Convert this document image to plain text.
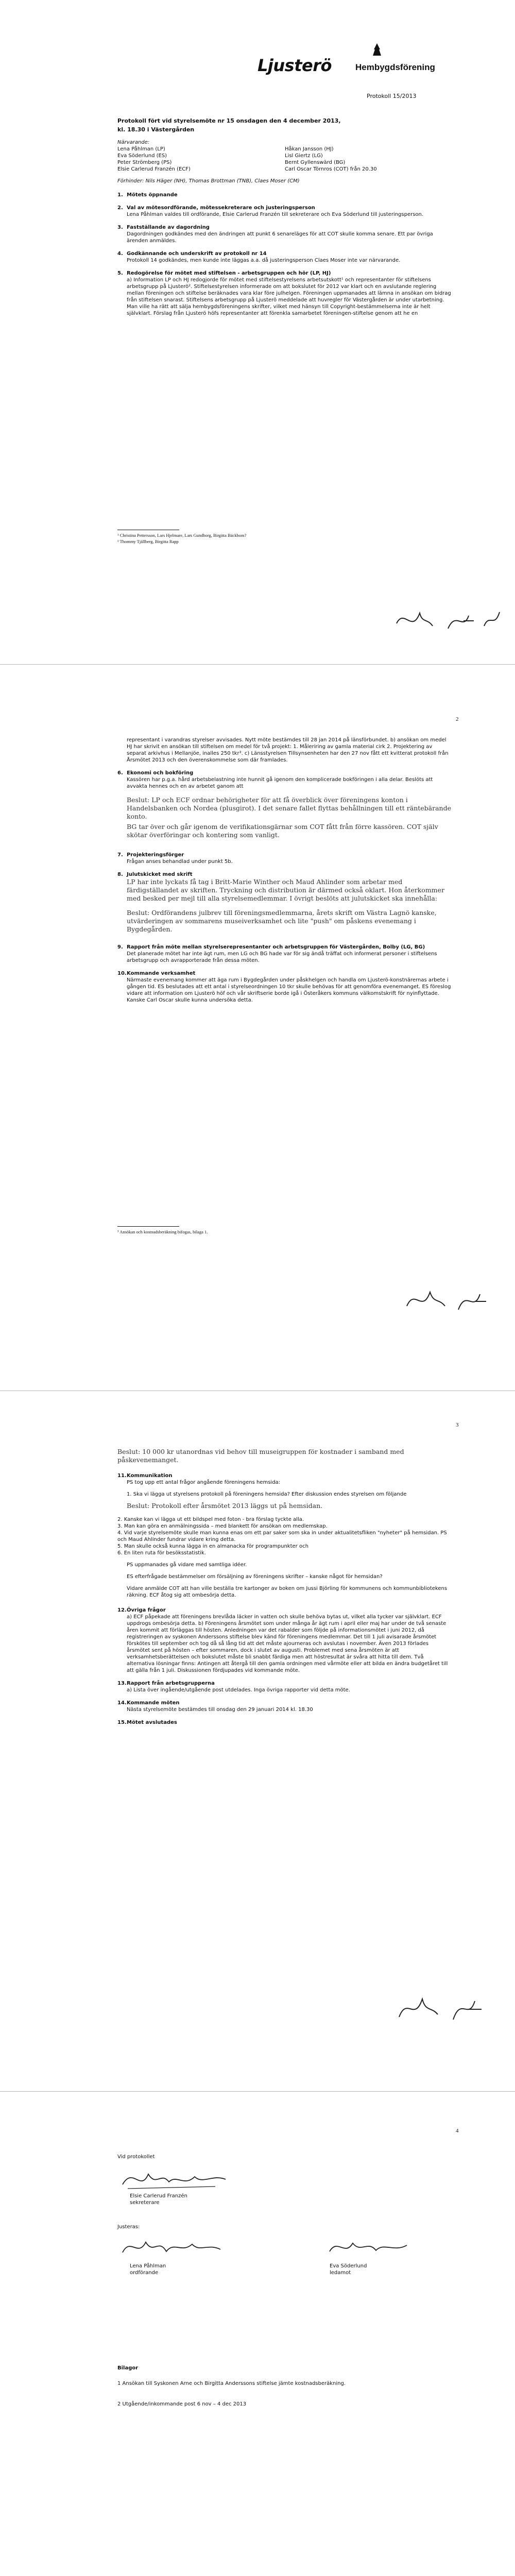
Ljusterö	Hembygdsförening
Protokoll 15/2013
Protokoll fört vid styrelsemöte nr 15 onsdagen den 4 december 2013,
kl. 18.30 i Västergården
Närvarande:
Lena Påhlman (LP)
Eva Söderlund (ES)
Peter Strömberg (PS)
Elsie Carlerud Franzén (ECF)
Håkan Jansson (HJ)
Lisl Giertz (LG)
Bernt Gyllenswärd (BG)
Carl Oscar Törnros (COT) från 20.30
Förhinder: Nils Häger (NH), Thomas Brottman (TNB), Claes Moser (CM)
1. Mötets öppnande
2. Val av mötesordförande, mötessekreterare och justeringsperson
Lena Påhlman valdes till ordförande, Elsie Carlerud Franzén till sekreterare och Eva Söderlund till justeringsperson.
3. Fastställande av dagordning
Dagordningen godkändes med den ändringen att punkt 6 senareläges för att COT skulle komma senare. Ett par övriga ärenden anmäldes.
4. Godkännande och underskrift av protokoll nr 14
Protokoll 14 godkändes, men kunde inte läggas a.a. då justeringsperson Claes Moser inte var närvarande.
5. Redogörelse för mötet med stiftelsen - arbetsgruppen och hör (LP, HJ)
a) Information LP och HJ redogjorde för mötet med stiftelsestyrelsens arbetsutskott¹ och representanter för stiftelsens arbetsgrupp på Ljusterö². Stiftelsestyrelsen informerade om att bokslutet för 2012 var klart och en avslutande reglering mellan föreningen och stiftelse beräknades vara klar före julhelgen. Föreningen uppmanades att lämna in ansökan om bidrag från stiftelsen snarast. Stiftelsens arbetsgrupp på Ljusterö meddelade att huvregler för Västergården är under utarbetning. Man ville ha rätt att sälja hembygdsföreningens skrifter, vilket med hänsyn till Copyright-bestämmelserna inte är helt självklart. Förslag från Ljusterö höfs representanter att förenkla samarbetet föreningen-stiftelse genom att he en
¹ Christina Pettersson, Lars Hjelmare, Lars Gundborg, Birgitta Bäckbom?
² Thommy Tjällberg, Birgitta Rapp
2
representant i varandras styrelser avvisades. Nytt möte bestämdes till 28 jan 2014 på länsförbundet. b) ansökan om medel HJ har skrivit en ansökan till stiftelsen om medel för två projekt: 1. Måleriring av gamla material cirk 2. Projektering av separat arkivhus i Mellanjöe, inalles 250 tkr³. c) Länsstyrelsen Tillsynsenheten har den 27 nov fått ett kvitterat protokoll från Årsmötet 2013 och den överenskommelse som där framlades.
6. Ekonomi och bokföring
Kassören har p.g.a. hård arbetsbelastning inte hunnit gå igenom den komplicerade bokföringen i alla delar. Beslöts att avvakta hennes och en av arbetet ganom att
Beslut: LP och ECF ordnar behörigheter för att få överblick över föreningens konton i Handelsbanken och Nordea (plusgirot). I det senare fallet flyttas behållningen till ett räntebärande konto.
BG tar över och går igenom de verifikationsgärnar som COT fått från förre kassören. COT själv skötar överföringar och kontering som vanligt.
7. Projekteringsförger
Frågan anses behandlad under punkt 5b.
8. Julutskicket med skrift
LP har inte lyckats få tag i Britt-Marie Winther och Maud Ahlinder som arbetar med färdigställandet av skriften. Tryckning och distribution är därmed också oklart. Hon återkommer med besked per mejl till alla styrelsemedlemmar. I övrigt beslöts att julutskicket ska innehålla:
Beslut: Ordförandens julbrev till föreningsmedlemmarna, årets skrift om Västra Lagnö kanske, utvärderingen av sommarens museiverksamhet och lite "push" om påskens evenemang i Bygdegården.
9. Rapport från möte mellan styrelserepresentanter och arbetsgruppen för Västergården, Bolby (LG, BG)
Det planerade mötet har inte ägt rum, men LG och BG hade var för sig ändå träffat och informerat personer i stiftelsens arbetsgrupp och avrapporterade från dessa möten.
10.Kommande verksamhet
Närmaste evenemang kommer att äga rum i Bygdegården under påskhelgen och handla om Ljusterö-konstnärernas arbete i gången tid. ES beslutades att ett antal i styrelseordningen 10 tkr skulle behövas för att genomföra evenemanget. ES föreslog vidare att information om Ljusterö höf och vår skriftserie borde igå i Österåkers kommuns välkomstskrift för nyinflyttade. Kanske Carl Oscar skulle kunna undersöka detta.
³ Ansökan och kostnadsberäkning bifogas, bilaga 1.
3
Beslut: 10 000 kr utanordnas vid behov till museigruppen för kostnader i samband med påskevenemanget.
11.Kommunikation
PS tog upp ett antal frågor angående föreningens hemsida:
1. Ska vi lägga ut styrelsens protokoll på föreningens hemsida? Efter diskussion endes styrelsen om följande
Beslut: Protokoll efter årsmötet 2013 läggs ut på hemsidan.
2. Kanske kan vi lägga ut ett bildspel med foton - bra förslag tyckte alla.
3. Man kan göra en anmälningssida – med blankett för ansökan om medlemskap.
4. Vid varje styrelsemöte skulle man kunna enas om ett par saker som ska in under aktualitetsfliken "nyheter" på hemsidan. PS och Maud Ahlinder fundrar vidare kring detta.
5. Man skulle också kunna lägga in en almanacka för programpunkter och
6. En liten ruta för besöksstatistik.
PS uppmanades gå vidare med samtliga idéer.
ES efterfrågade bestämmelser om försäljning av föreningens skrifter – kanske något för hemsidan?
Vidare anmälde COT att han ville beställa tre kartonger av boken om Jussi Björling för kommunens och kommunbibliotekens räkning. ECF åtog sig att ombesörja detta.
12.Övriga frågor
a) ECF påpekade att föreningens brevlåda läcker in vatten och skulle behöva bytas ut, vilket alla tycker var självklart. ECF uppdrogs ombesörja detta. b) Föreningens årsmötet som under många år ägt rum i april eller maj har under de två senaste åren kommit att förläggas till hösten. Anledningen var det rabalder som följde på informationsmötet i juni 2012, då registreringen av syskonen Anderssons stiftelse blev känd för föreningens medlemmar. Det till 1 juli avisarade årsmötet förskötes till september och tog då så lång tid att det måste ajourneras och avslutas i november. Även 2013 förlades årsmötet sent på hösten – efter sommaren, dock i slutet av augusti. Problemet med sena årsmöten är att verksamhetsberättelsen och bokslutet måste bli snabbt färdiga men att höstresultat är svåra att hitta till dem. Två alternativa lösningar finns: Antingen att återgå till den gamla ordningen med vårmöte eller att bilda en ändra budgetåret till att gälla från 1 juli. Diskussionen fördjupades vid kommande möte.
13.Rapport från arbetsgrupperna
a) Lista över ingående/utgående post utdelades. Inga övriga rapporter vid detta möte.
14.Kommande möten
Nästa styrelsemöte bestämdes till onsdag den 29 januari 2014 kl. 18.30
15.Mötet avslutades
4
Vid protokollet
Elsie Carlerud Franzén
sekreterare
Justeras:
Lena Påhlman
ordförande
Eva Söderlund
ledamot
Bilagor
1 Ansökan till Syskonen Arne och Birgitta Anderssons stiftelse jämte kostnadsberäkning.
2 Utgående/inkommande post 6 nov – 4 dec 2013
